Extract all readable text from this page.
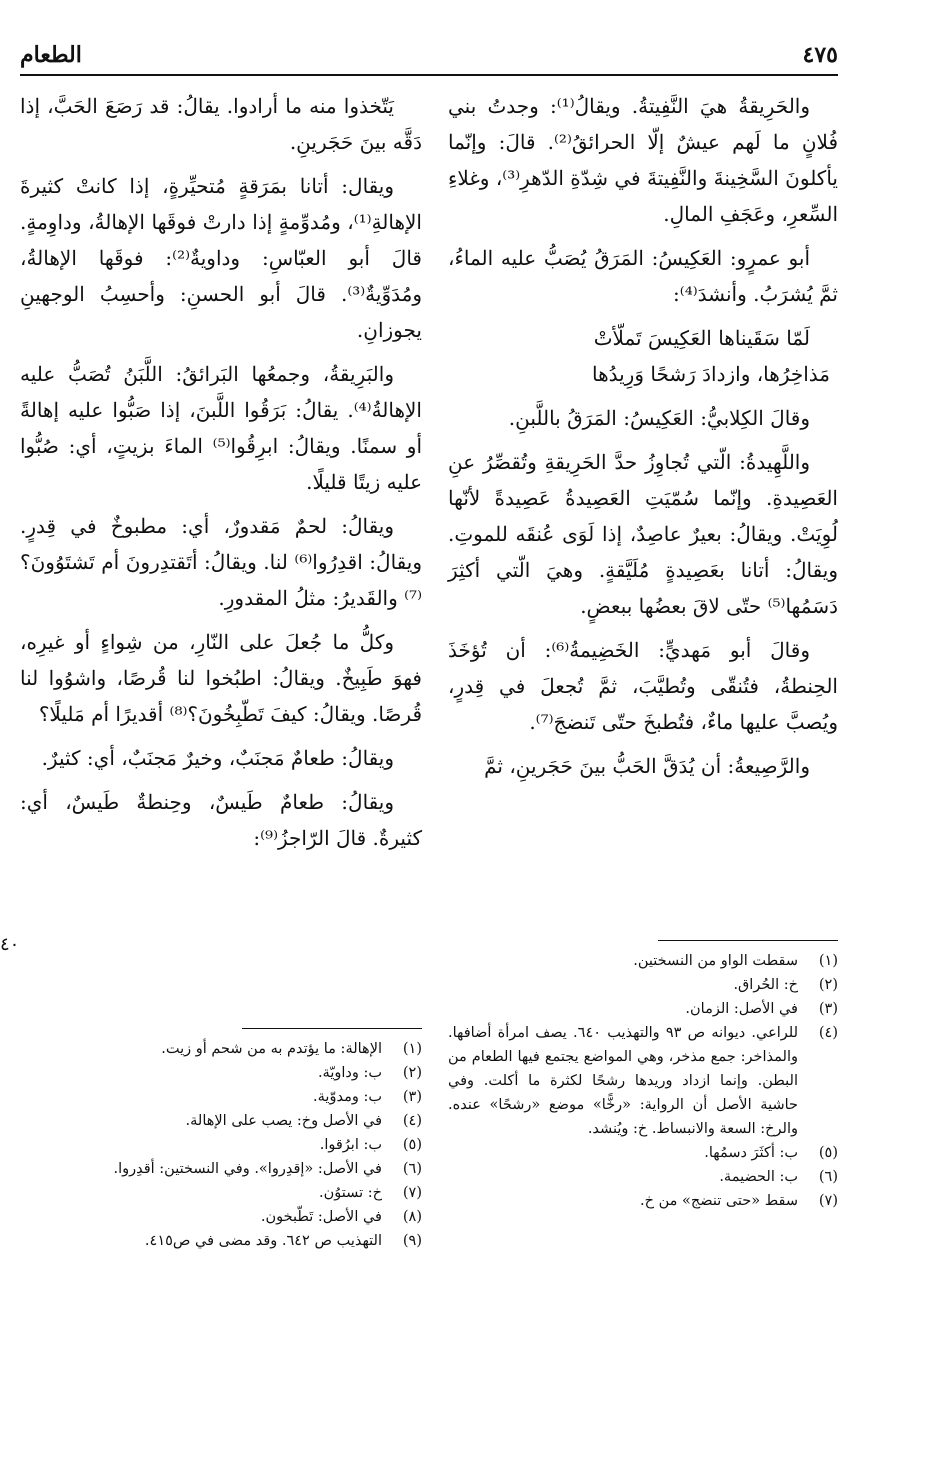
٤٧٥
الطعام

والحَرِيقةُ هيَ النَّفِيتةُ. ويقالُ⁽¹⁾: وجدتُ بني فُلانٍ ما لَهم عيشٌ إلّا الحرائقُ⁽²⁾. قالَ: وإنّما يأكلونَ السَّخِينةَ والنَّفِيتةَ في شِدّةِ الدّهرِ⁽³⁾، وغلاءِ السِّعرِ، وعَجَفِ المالِ.

أبو عمرٍو: العَكِيسُ: المَرَقُ يُصَبُّ عليه الماءُ، ثمَّ يُشرَبُ. وأنشدَ⁽⁴⁾:

لَمّا سَقَيناها العَكِيسَ تَملّأتْ

مَذاخِرُها، وازدادَ رَشحًا وَرِيدُها

وقالَ الكِلابيُّ: العَكِيسُ: المَرَقُ باللَّبنِ.

واللَّهِيدةُ: الّتي تُجاوِزُ حدَّ الحَرِيقةِ وتُقصِّرُ عنِ العَصِيدةِ. وإنّما سُمّيَتِ العَصِيدةُ عَصِيدةً لأنّها لُوِيَتْ. ويقالُ: بعيرٌ عاصِدٌ، إذا لَوَى عُنقَه للموتِ. ويقالُ: أتانا بعَصِيدةٍ مُلَيَّقةٍ. وهيَ الّتي أكثِرَ دَسَمُها⁽⁵⁾ حتّى لاقَ بعضُها ببعضٍ.

وقالَ أبو مَهديٍّ: الخَضِيمةُ⁽⁶⁾: أن تُؤخَذَ الحِنطةُ، فتُنقّى وتُطيَّبَ، ثمَّ تُجعلَ في قِدرٍ، ويُصبَّ عليها ماءٌ، فتُطبخَ حتّى تَنضجَ⁽⁷⁾.

والرَّصِيعةُ: أن يُدَقَّ الحَبُّ بينَ حَجَرينِ، ثمَّ

يَتّخذوا منه ما أرادوا. يقالُ: قد رَصَعَ الحَبَّ، إذا دَقَّه بينَ حَجَرينِ.

ويقال: أتانا بمَرَقةٍ مُتحيِّرةٍ، إذا كانتْ كثيرةَ الإهالةِ⁽¹⁾، ومُدوِّمةٍ إذا دارتْ فوقَها الإهالةُ، وداوِمةٍ. قالَ أبو العبّاسِ: وداويةٌ⁽²⁾: فوقَها الإهالةُ، ومُدَوِّيةٌ⁽³⁾. قالَ أبو الحسنِ: وأحسِبُ الوجهينِ يجوزانِ.

والبَرِيقةُ، وجمعُها البَرائقُ: اللَّبَنُ تُصَبُّ عليه الإهالةُ⁽⁴⁾. يقالُ: بَرَقُوا اللَّبنَ، إذا صَبُّوا عليه إهالةً أو سمنًا. ويقالُ: ابرِقُوا⁽⁵⁾ الماءَ بزيتٍ، أي: صُبُّوا عليه زيتًا قليلًا.

ويقالُ: لحمٌ مَقدورٌ، أي: مطبوخٌ في قِدرٍ. ويقالُ: اقدِرُوا⁽⁶⁾ لنا. ويقالُ: أتَقتدِرونَ أم تَشتَوُونَ؟⁽⁷⁾ والقَديرُ: مثلُ المقدورِ.

وكلُّ ما جُعلَ على النّارِ، من شِواءٍ أو غيرِه، فهوَ طَبِيخٌ. ويقالُ: اطبُخوا لنا قُرصًا، واشوُوا لنا قُرصًا. ويقالُ: كيفَ تَطّبِخُونَ؟⁽⁸⁾ أقديرًا أم مَليلًا؟

ويقالُ: طعامٌ مَجنَبٌ، وخيرٌ مَجنَبٌ، أي: كثيرٌ.

ويقالُ: طعامٌ طَيسٌ، وحِنطةٌ طَيسٌ، أي: كثيرةٌ. قالَ الرّاجزُ⁽⁹⁾:

٤٠
(١)
سقطت الواو من النسختين.
(٢)
خ: الحُراق.
(٣)
في الأصل: الزمان.
(٤)
للراعي. ديوانه ص ٩٣ والتهذيب ٦٤٠. يصف امرأة أضافها. والمذاخر: جمع مذخر، وهي المواضع يجتمع فيها الطعام من البطن. وإنما ازداد وريدها رشحًا لكثرة ما أكلت. وفي حاشية الأصل أن الرواية: «رخًّا» موضع «رشحًا» عنده. والرخ: السعة والانبساط. خ: ويُنشد.
(٥)
ب: أكثَرَ دسمُها.
(٦)
ب: الحضيمة.
(٧)
سقط «حتى تنضج» من خ.
(١)
الإهالة: ما يؤتدم به من شحم أو زيت.
(٢)
ب: وداويّة.
(٣)
ب: ومدوّية.
(٤)
في الأصل وخ: يصب على الإهالة.
(٥)
ب: ابرُقوا.
(٦)
في الأصل: «إقدِروا». وفي النسختين: أقدِروا.
(٧)
خ: تستوُن.
(٨)
في الأصل: تَطّبخون.
(٩)
التهذيب ص ٦٤٢. وقد مضى في ص٤١٥.
